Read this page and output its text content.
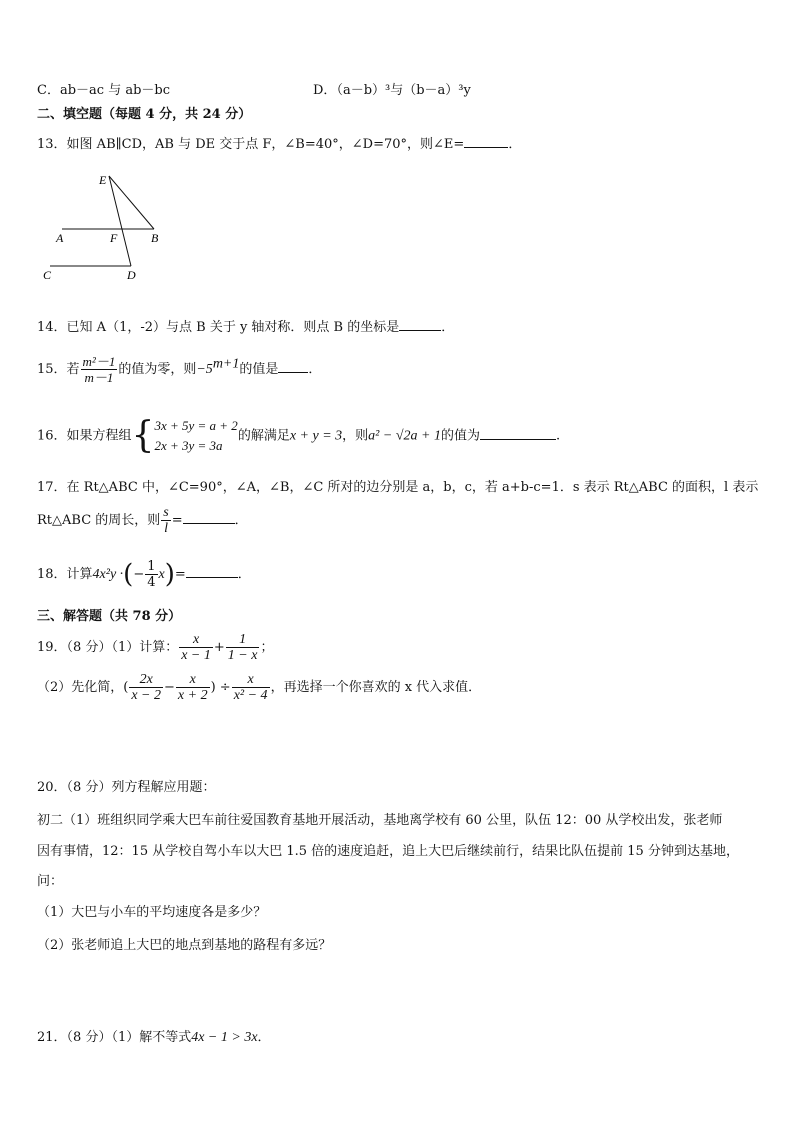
C．ab－ac 与 ab－bc	D．（a－b）³与（b－a）³y
二、填空题（每题 4 分，共 24 分）
13．如图 AB∥CD，AB 与 DE 交于点 F，∠B=40°，∠D=70°，则∠E=	．
E
A	F	B
C	D
14．已知 A（1，-2）与点 B 关于 y 轴对称．则点 B 的坐标是	．
15．若 $\frac{\text{m²－1}}{m-1}$ 的值为零，则$-5^{m+1}$的值是 ．
16．如果方程组{ 3x + 5y = a + 2
2x + 3y = 3a
的解满足x + y = 3，则a² − √2a + 1的值为	.
17．在 Rt△ABC 中，∠C=90°，∠A，∠B，∠C 所对的边分别是 a，b，c，若 a+b-c=1．s 表示 Rt△ABC 的面积，l 表示
Rt△ABC 的周长，则 $\frac{s}{l}$ =	．
18．计算4x²y ·(− $\frac{1}{4} x)=$	．
三、解答题（共 78 分）
19．（8 分）（1）计算： $\frac{x}{x - 1} + \frac{1}{1 - x}$ ；
（2）先化简，( $\frac{2x}{x - 2} - \frac{x}{x + 2}$ ) ÷ $\frac{x}{\text{x² − 4}}$ ，再选择一个你喜欢的 x 代入求值．
20．（8 分）列方程解应用题：
初二（1）班组织同学乘大巴车前往爱国教育基地开展活动，基地离学校有 60 公里，队伍 12：00 从学校出发，张老师
因有事情，12：15 从学校自驾小车以大巴 1.5 倍的速度追赶，追上大巴后继续前行，结果比队伍提前 15 分钟到达基地，
问：
（1）大巴与小车的平均速度各是多少？
（2）张老师追上大巴的地点到基地的路程有多远？
21．（8 分）（1）解不等式4x − 1 > 3x．
